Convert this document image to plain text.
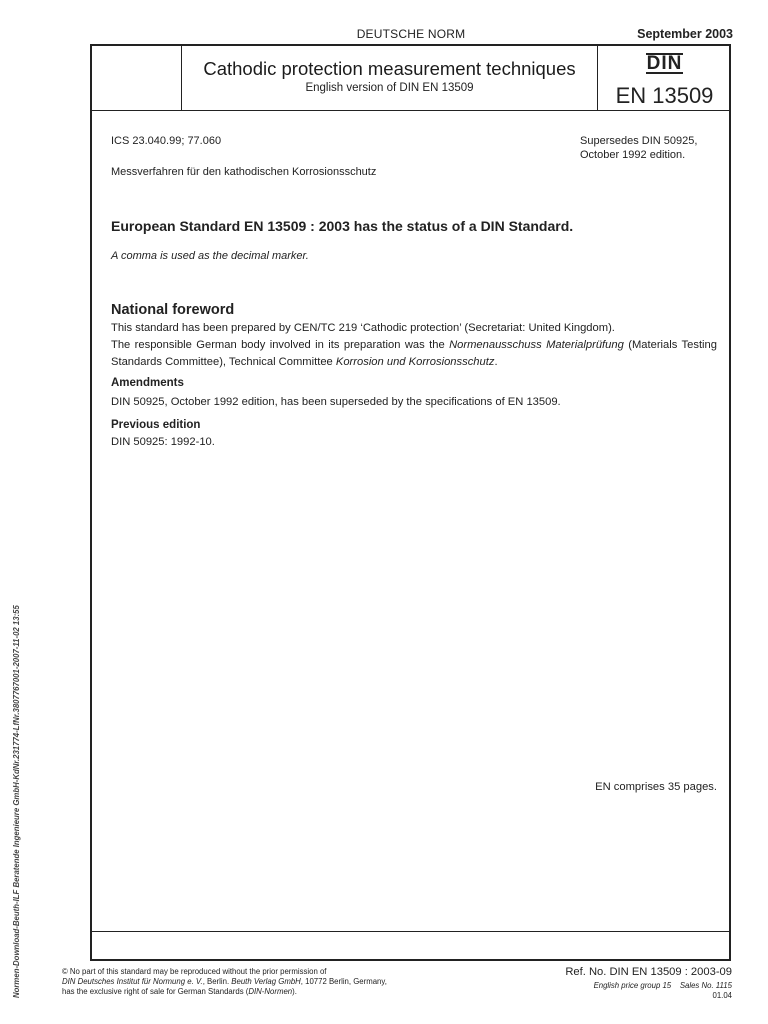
DEUTSCHE NORM	September 2003
Cathodic protection measurement techniques
English version of DIN EN 13509
DIN
EN 13509
ICS 23.040.99; 77.060	Supersedes DIN 50925,
October 1992 edition.
Messverfahren für den kathodischen Korrosionsschutz
European Standard EN 13509 : 2003 has the status of a DIN Standard.
A comma is used as the decimal marker.
National foreword
This standard has been prepared by CEN/TC 219 ‘Cathodic protection’ (Secretariat: United Kingdom).
The responsible German body involved in its preparation was the Normenausschuss Materialprüfung (Materials Testing Standards Committee), Technical Committee Korrosion und Korrosionsschutz.
Amendments
DIN 50925, October 1992 edition, has been superseded by the specifications of EN 13509.
Previous edition
DIN 50925: 1992-10.
EN comprises 35 pages.
Normen-Download-Beuth-ILF Beratende Ingenieure GmbH-KdNr.231774-LfNr.3807767001-2007-11-02 13:55	© No part of this standard may be reproduced without the prior permission of
DIN Deutsches Institut für Normung e. V., Berlin. Beuth Verlag GmbH, 10772 Berlin, Germany,
has the exclusive right of sale for German Standards (DIN-Normen).
Ref. No. DIN EN 13509 : 2003-09
English price group 15 Sales No. 1115
01.04
